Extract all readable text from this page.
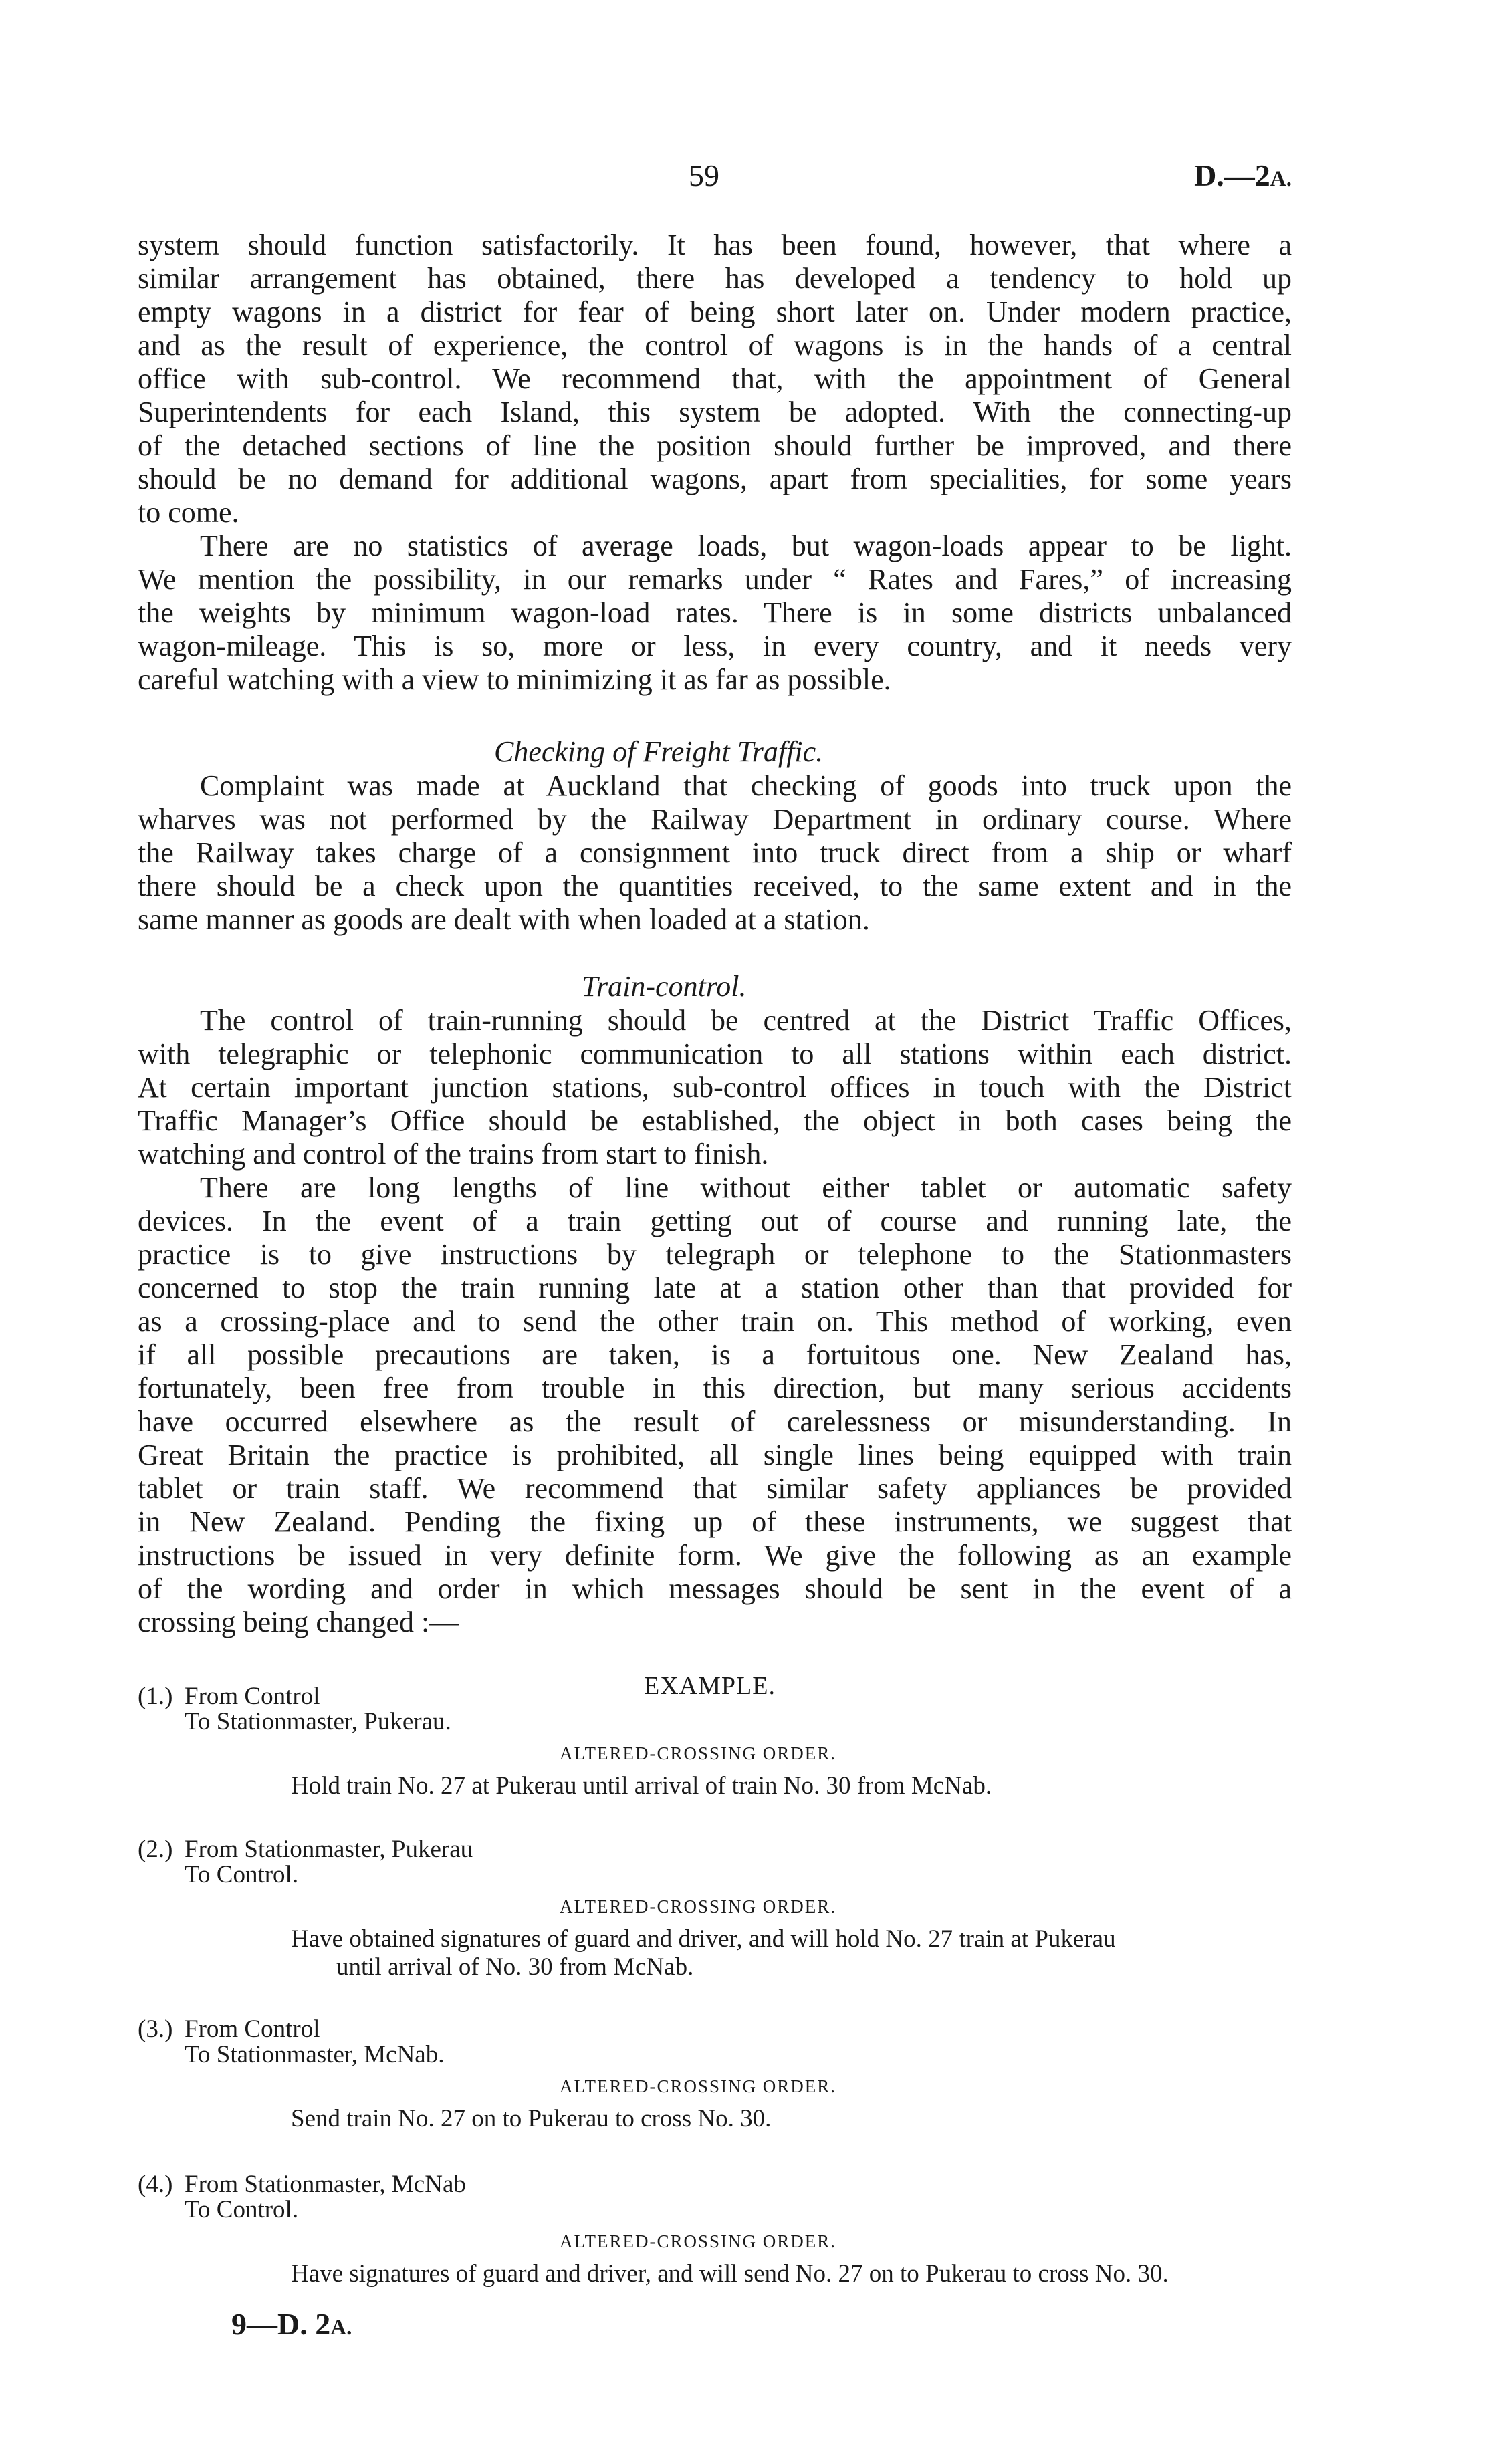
59	D.—2A.
system should function satisfactorily. It has been found, however, that where a
similar arrangement has obtained, there has developed a tendency to hold up
empty wagons in a district for fear of being short later on. Under modern practice,
and as the result of experience, the control of wagons is in the hands of a central
office with sub-control. We recommend that, with the appointment of General
Superintendents for each Island, this system be adopted. With the connecting-up
of the detached sections of line the position should further be improved, and there
should be no demand for additional wagons, apart from specialities, for some years
to come.
There are no statistics of average loads, but wagon-loads appear to be light.
We mention the possibility, in our remarks under “ Rates and Fares,” of increasing
the weights by minimum wagon-load rates. There is in some districts unbalanced
wagon-mileage. This is so, more or less, in every country, and it needs very
careful watching with a view to minimizing it as far as possible.
Checking of Freight Traffic.
Complaint was made at Auckland that checking of goods into truck upon the
wharves was not performed by the Railway Department in ordinary course. Where
the Railway takes charge of a consignment into truck direct from a ship or wharf
there should be a check upon the quantities received, to the same extent and in the
same manner as goods are dealt with when loaded at a station.
Train-control.
The control of train-running should be centred at the District Traffic Offices,
with telegraphic or telephonic communication to all stations within each district.
At certain important junction stations, sub-control offices in touch with the District
Traffic Manager’s Office should be established, the object in both cases being the
watching and control of the trains from start to finish.
There are long lengths of line without either tablet or automatic safety
devices. In the event of a train getting out of course and running late, the
practice is to give instructions by telegraph or telephone to the Stationmasters
concerned to stop the train running late at a station other than that provided for
as a crossing-place and to send the other train on. This method of working, even
if all possible precautions are taken, is a fortuitous one. New Zealand has,
fortunately, been free from trouble in this direction, but many serious accidents
have occurred elsewhere as the result of carelessness or misunderstanding. In
Great Britain the practice is prohibited, all single lines being equipped with train
tablet or train staff. We recommend that similar safety appliances be provided
in New Zealand. Pending the fixing up of these instruments, we suggest that
instructions be issued in very definite form. We give the following as an example
of the wording and order in which messages should be sent in the event of a
crossing being changed :—
EXAMPLE.
(1.) From Control
To Stationmaster, Pukerau.
ALTERED-CROSSING ORDER.
Hold train No. 27 at Pukerau until arrival of train No. 30 from McNab.
(2.) From Stationmaster, Pukerau
To Control.
ALTERED-CROSSING ORDER.
Have obtained signatures of guard and driver, and will hold No. 27 train at Pukerau
until arrival of No. 30 from McNab.
(3.) From Control
To Stationmaster, McNab.
ALTERED-CROSSING ORDER.
Send train No. 27 on to Pukerau to cross No. 30.
(4.) From Stationmaster, McNab
To Control.
ALTERED-CROSSING ORDER.
Have signatures of guard and driver, and will send No. 27 on to Pukerau to cross No. 30.
9—D. 2A.
